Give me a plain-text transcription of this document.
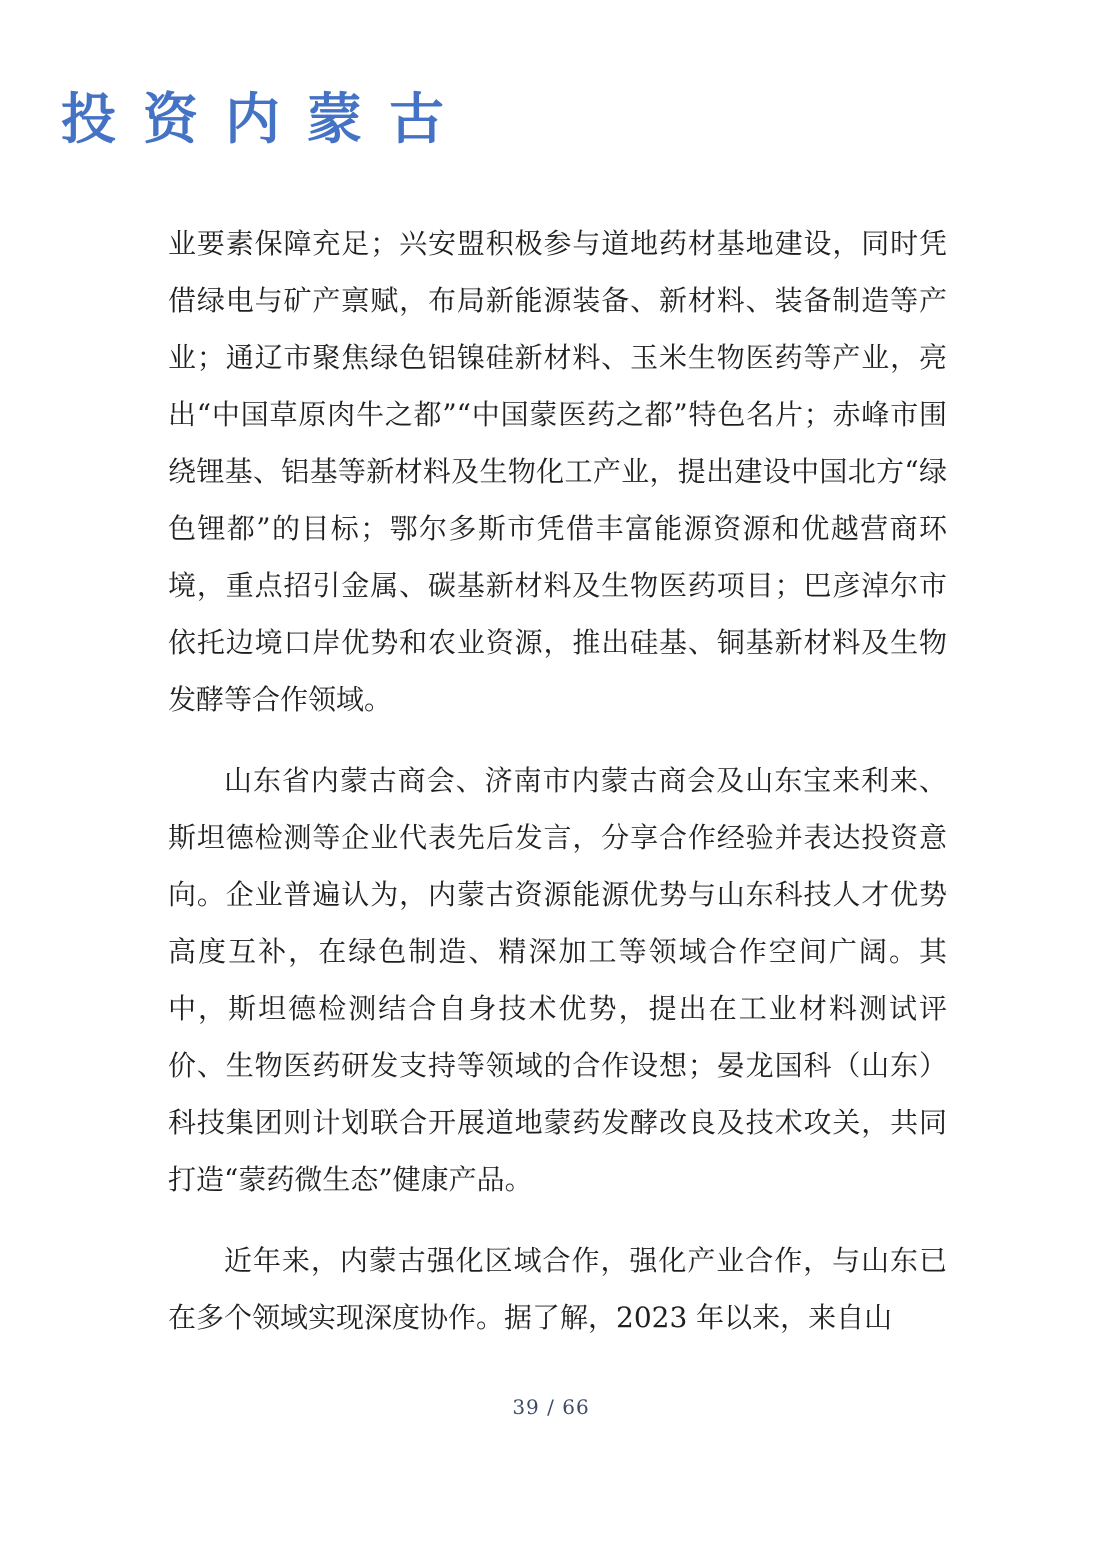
投资内蒙古

业要素保障充足；兴安盟积极参与道地药材基地建设，同时凭借绿电与矿产禀赋，布局新能源装备、新材料、装备制造等产业；通辽市聚焦绿色铝镍硅新材料、玉米生物医药等产业，亮出“中国草原肉牛之都”“中国蒙医药之都”特色名片；赤峰市围绕锂基、铝基等新材料及生物化工产业，提出建设中国北方“绿色锂都”的目标；鄂尔多斯市凭借丰富能源资源和优越营商环境，重点招引金属、碳基新材料及生物医药项目；巴彦淖尔市依托边境口岸优势和农业资源，推出硅基、铜基新材料及生物发酵等合作领域。

山东省内蒙古商会、济南市内蒙古商会及山东宝来利来、斯坦德检测等企业代表先后发言，分享合作经验并表达投资意向。企业普遍认为，内蒙古资源能源优势与山东科技人才优势高度互补，在绿色制造、精深加工等领域合作空间广阔。其中，斯坦德检测结合自身技术优势，提出在工业材料测试评价、生物医药研发支持等领域的合作设想；晏龙国科（山东）科技集团则计划联合开展道地蒙药发酵改良及技术攻关，共同打造“蒙药微生态”健康产品。

近年来，内蒙古强化区域合作，强化产业合作，与山东已在多个领域实现深度协作。据了解，2023 年以来，来自山

39 / 66
